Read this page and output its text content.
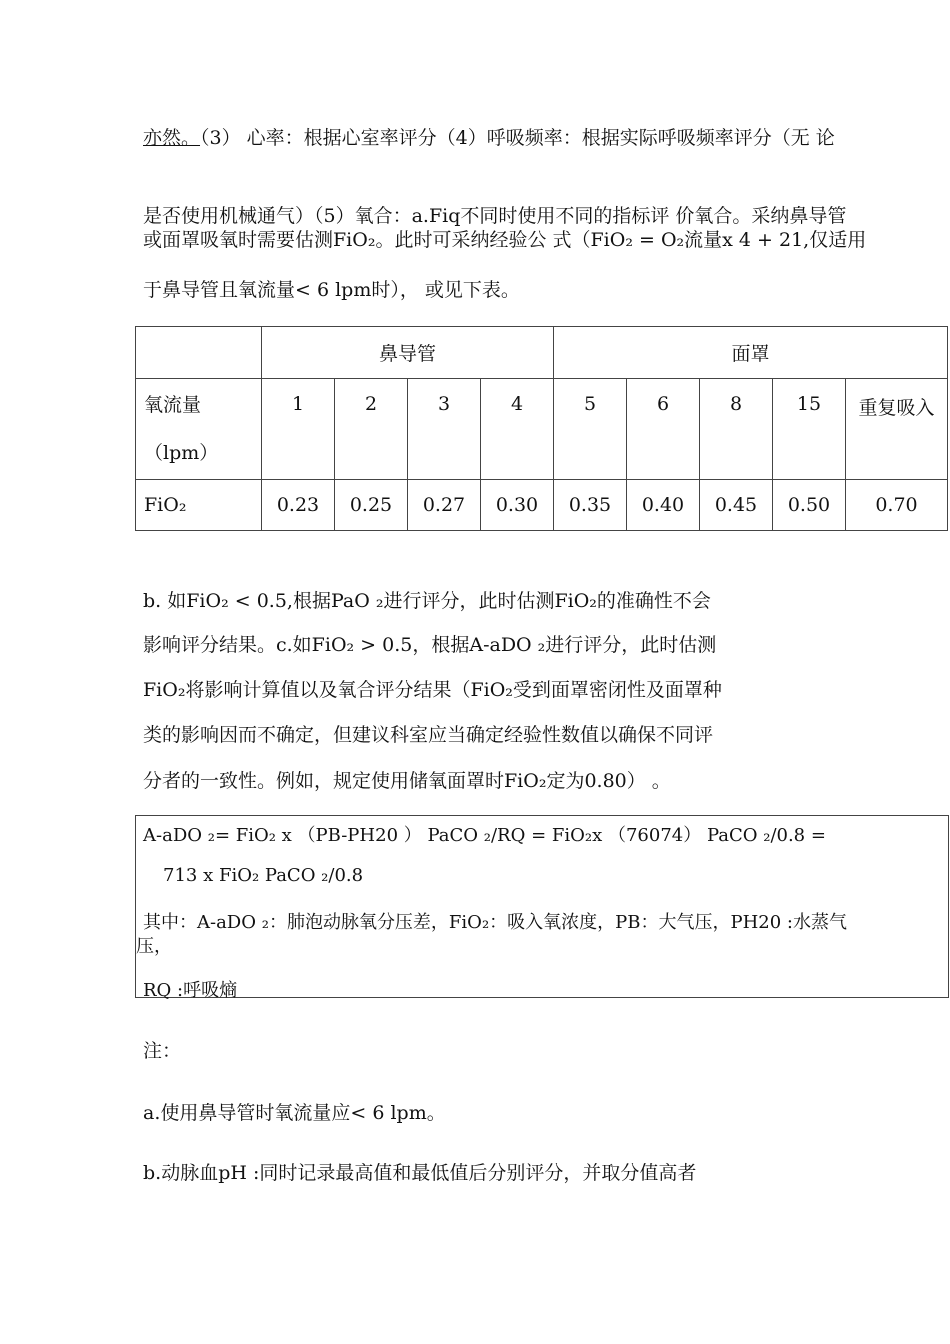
亦然。（3） 心率：根据心室率评分（4）呼吸频率：根据实际呼吸频率评分（无 论
是否使用机械通气）（5）氧合：a.Fiq不同时使用不同的指标评 价氧合。采纳鼻导管
或面罩吸氧时需要估测FiO₂。此时可采纳经验公 式（FiO₂ = O₂流量x 4 + 21,仅适用
于鼻导管且氧流量< 6 lpm时）， 或见下表。
	鼻导管				面罩				
氧流量（lpm）	1	2	3	4	5	6	8	15	重复吸入
FiO₂	0.23	0.25	0.27	0.30	0.35	0.40	0.45	0.50	0.70
b. 如FiO₂ < 0.5,根据PaO ₂进行评分，此时估测FiO₂的准确性不会
影响评分结果。c.如FiO₂ > 0.5，根据A-aDO ₂进行评分，此时估测
FiO₂将影响计算值以及氧合评分结果（FiO₂受到面罩密闭性及面罩种
类的影响因而不确定，但建议科室应当确定经验性数值以确保不同评
分者的一致性。例如，规定使用储氧面罩时FiO₂定为0.80） 。
A-aDO ₂= FiO₂ x （PB-PH20 ） PaCO ₂/RQ = FiO₂x （76074） PaCO ₂/0.8 =
713 x FiO₂ PaCO ₂/0.8
其中：A-aDO ₂：肺泡动脉氧分压差，FiO₂：吸入氧浓度，PB：大气压，PH20 :水蒸气
压，
RQ :呼吸熵
注：
a.使用鼻导管时氧流量应< 6 lpm。
b.动脉血pH :同时记录最高值和最低值后分别评分，并取分值高者
